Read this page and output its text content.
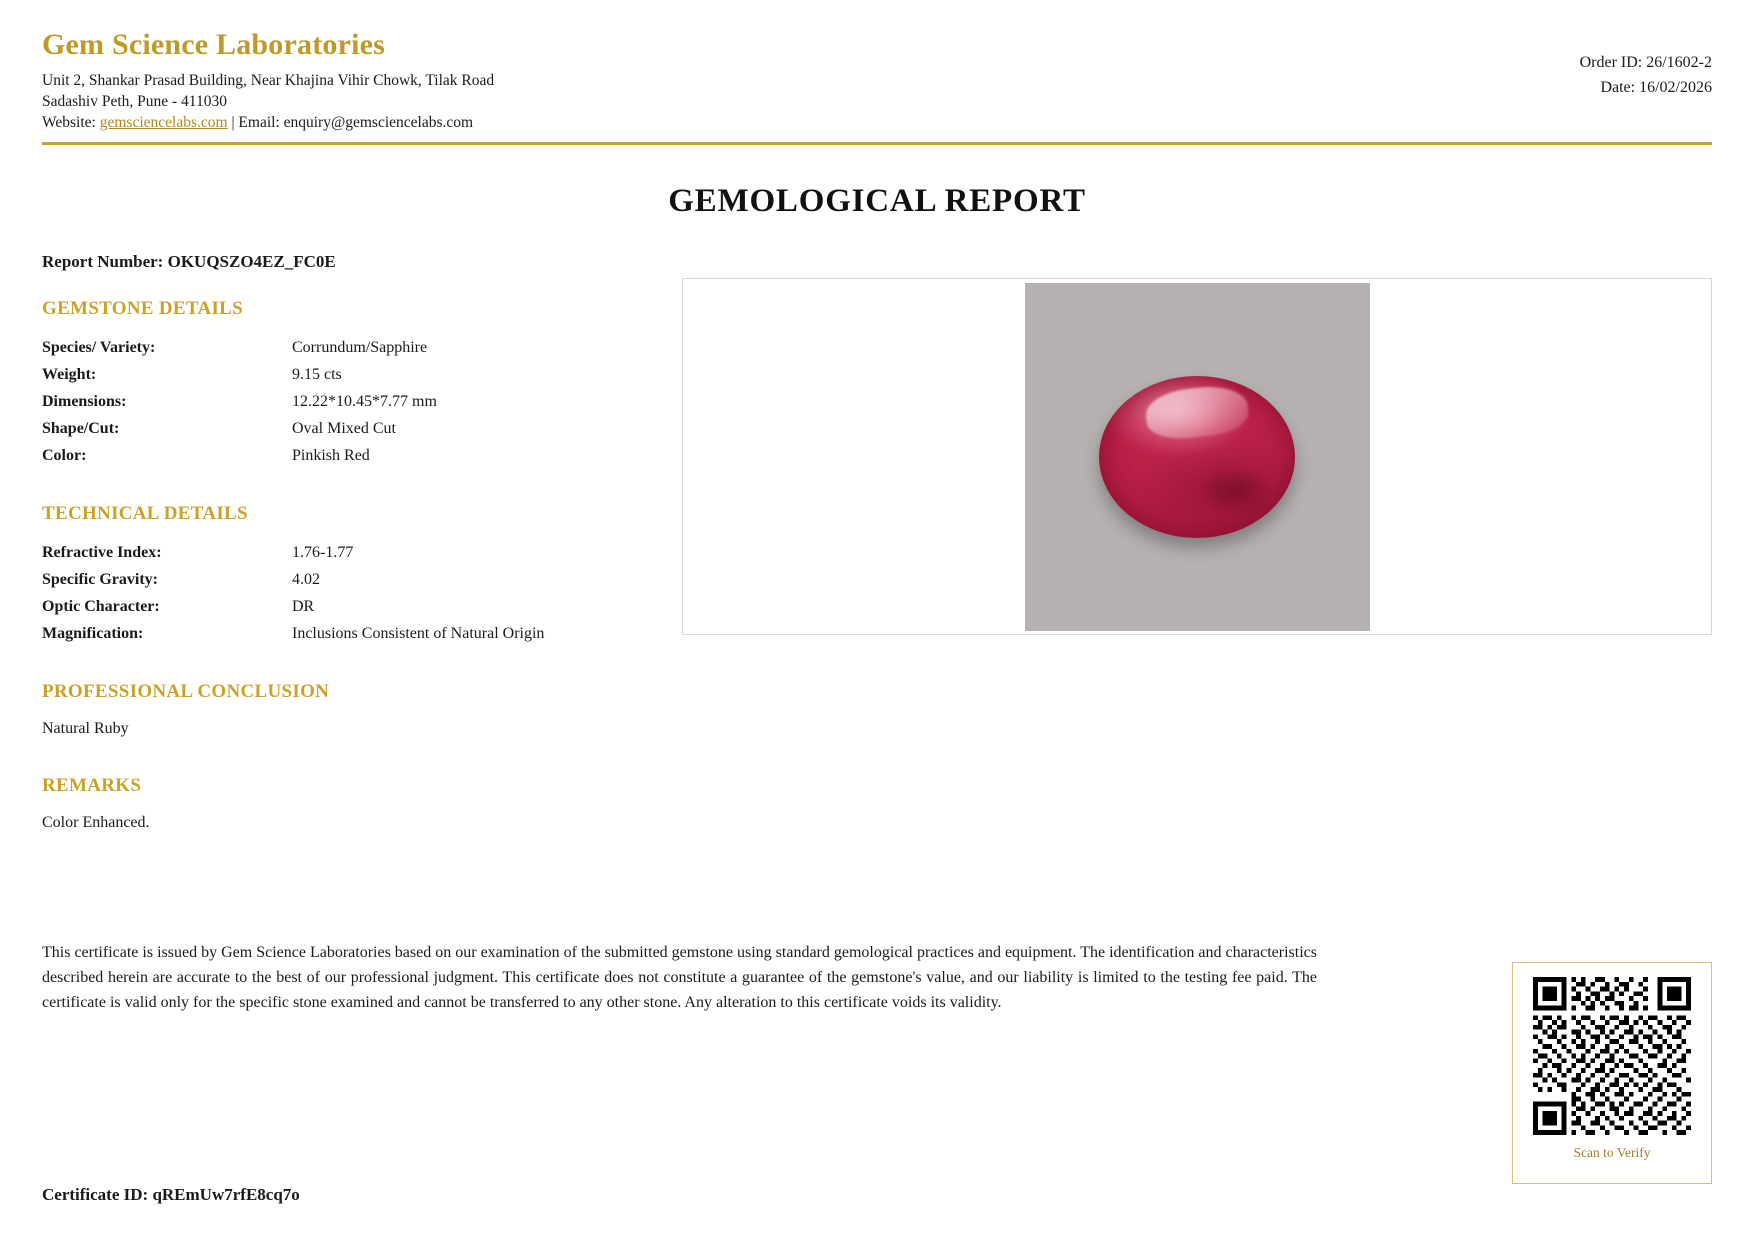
Gem Science Laboratories
Unit 2, Shankar Prasad Building, Near Khajina Vihir Chowk, Tilak Road
Sadashiv Peth, Pune - 411030
Website: gemsciencelabs.com | Email: enquiry@gemsciencelabs.com
Order ID: 26/1602-2
Date: 16/02/2026
GEMOLOGICAL REPORT
Report Number: OKUQSZO4EZ_FC0E
GEMSTONE DETAILS
Species/ Variety:	Corrundum/Sapphire
Weight:	9.15 cts
Dimensions:	12.22*10.45*7.77 mm
Shape/Cut:	Oval Mixed Cut
Color:	Pinkish Red
TECHNICAL DETAILS
Refractive Index:	1.76-1.77
Specific Gravity:	4.02
Optic Character:	DR
Magnification:	Inclusions Consistent of Natural Origin
PROFESSIONAL CONCLUSION

Natural Ruby

REMARKS

Color Enhanced.

This certificate is issued by Gem Science Laboratories based on our examination of the submitted gemstone using standard gemological practices and equipment. The identification and characteristics described herein are accurate to the best of our professional judgment. This certificate does not constitute a guarantee of the gemstone's value, and our liability is limited to the testing fee paid. The certificate is valid only for the specific stone examined and cannot be transferred to any other stone. Any alteration to this certificate voids its validity.
Certificate ID: qREmUw7rfE8cq7o
Scan to Verify
